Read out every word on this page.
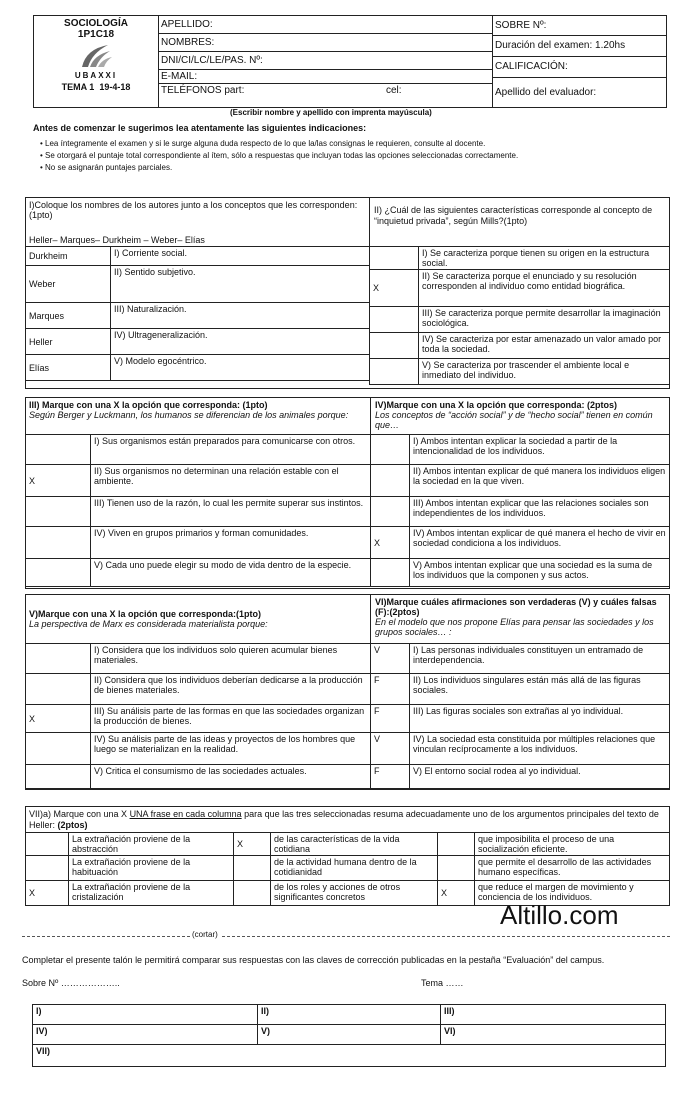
SOCIOLOGÍA
1P1C18
UBAXXI
TEMA 1 19-4-18
APELLIDO:
NOMBRES:
DNI/CI/LC/LE/PAS. Nº:
E-MAIL:
TELÉFONOS part:	cel:
SOBRE Nº:
Duración del examen: 1.20hs
CALIFICACIÓN:
Apellido del evaluador:
(Escribir nombre y apellido con imprenta mayúscula)
Antes de comenzar le sugerimos lea atentamente las siguientes indicaciones:
• Lea íntegramente el examen y si le surge alguna duda respecto de lo que la/las consignas le requieren, consulte al docente.
• Se otorgará el puntaje total correspondiente al ítem, sólo a respuestas que incluyan todas las opciones seleccionadas correctamente.
• No se asignarán puntajes parciales.
I)Coloque los nombres de los autores junto a los conceptos que les corresponden:(1pto)
Heller– Marques– Durkheim – Weber– Elías
II) ¿Cuál de las siguientes características corresponde al concepto de “inquietud privada”, según Mills?(1pto)
Durkheim	I) Corriente social.
Weber	II) Sentido subjetivo.
Marques	III) Naturalización.
Heller	IV) Ultrageneralización.
Elías	V) Modelo egocéntrico.
	I) Se caracteriza porque tienen su origen en la estructura social.
X	II) Se caracteriza porque el enunciado y su resolución corresponden al individuo como entidad biográfica.
	III) Se caracteriza porque permite desarrollar la imaginación sociológica.
	IV) Se caracteriza por estar amenazado un valor amado por toda la sociedad.
	V) Se caracteriza por trascender el ambiente local e inmediato del individuo.
III) Marque con una X la opción que corresponda: (1pto)
Según Berger y Luckmann, los humanos se diferencian de los animales porque:
IV)Marque con una X la opción que corresponda: (2ptos)
Los conceptos de “acción social” y de “hecho social” tienen en común que…
	I) Sus organismos están preparados para comunicarse con otros.
X	II) Sus organismos no determinan una relación estable con el ambiente.
	III) Tienen uso de la razón, lo cual les permite superar sus instintos.
	IV) Viven en grupos primarios y forman comunidades.
	V) Cada uno puede elegir su modo de vida dentro de la especie.
	I) Ambos intentan explicar la sociedad a partir de la intencionalidad de los individuos.
	II) Ambos intentan explicar de qué manera los individuos eligen la sociedad en la que viven.
	III) Ambos intentan explicar que las relaciones sociales son independientes de los individuos.
X	IV) Ambos intentan explicar de qué manera el hecho de vivir en sociedad condiciona a los individuos.
	V) Ambos intentan explicar que una sociedad es la suma de los individuos que la componen y sus actos.
V)Marque con una X la opción que corresponda:(1pto)
La perspectiva de Marx es considerada materialista porque:
VI)Marque cuáles afirmaciones son verdaderas (V) y cuáles falsas (F):(2ptos)
En el modelo que nos propone Elías para pensar las sociedades y los grupos sociales… :
	I) Considera que los individuos solo quieren acumular bienes materiales.
	II) Considera que los individuos deberían dedicarse a la producción de bienes materiales.
X	III) Su análisis parte de las formas en que las sociedades organizan la producción de bienes.
	IV) Su análisis parte de las ideas y proyectos de los hombres que luego se materializan en la realidad.
	V) Critica el consumismo de las sociedades actuales.
V	I) Las personas individuales constituyen un entramado de interdependencia.
F	II) Los individuos singulares están más allá de las figuras sociales.
F	III) Las figuras sociales son extrañas al yo individual.
V	IV) La sociedad esta constituida por múltiples relaciones que vinculan recíprocamente a los individuos.
F	V) El entorno social rodea al yo individual.
VII)a) Marque con una X UNA frase en cada columna para que las tres seleccionadas resuma adecuadamente uno de los argumentos principales del texto de Heller: (2ptos)
	La extrañación proviene de la abstracción	X	de las características de la vida cotidiana		que imposibilita el proceso de una socialización eficiente.
	La extrañación proviene de la habituación		de la actividad humana dentro de la cotidianidad		que permite el desarrollo de las actividades humano específicas.
X	La extrañación proviene de la cristalización		de los roles y acciones de otros significantes concretos	X	que reduce el margen de movimiento y conciencia de los individuos.
Altillo.com
(cortar)
Completar el presente talón le permitirá comparar sus respuestas con las claves de corrección publicadas en la pestaña “Evaluación” del campus.
Sobre Nº ………………..	Tema ……
I)	II)	III)
IV)	V)	VI)
VII)		
